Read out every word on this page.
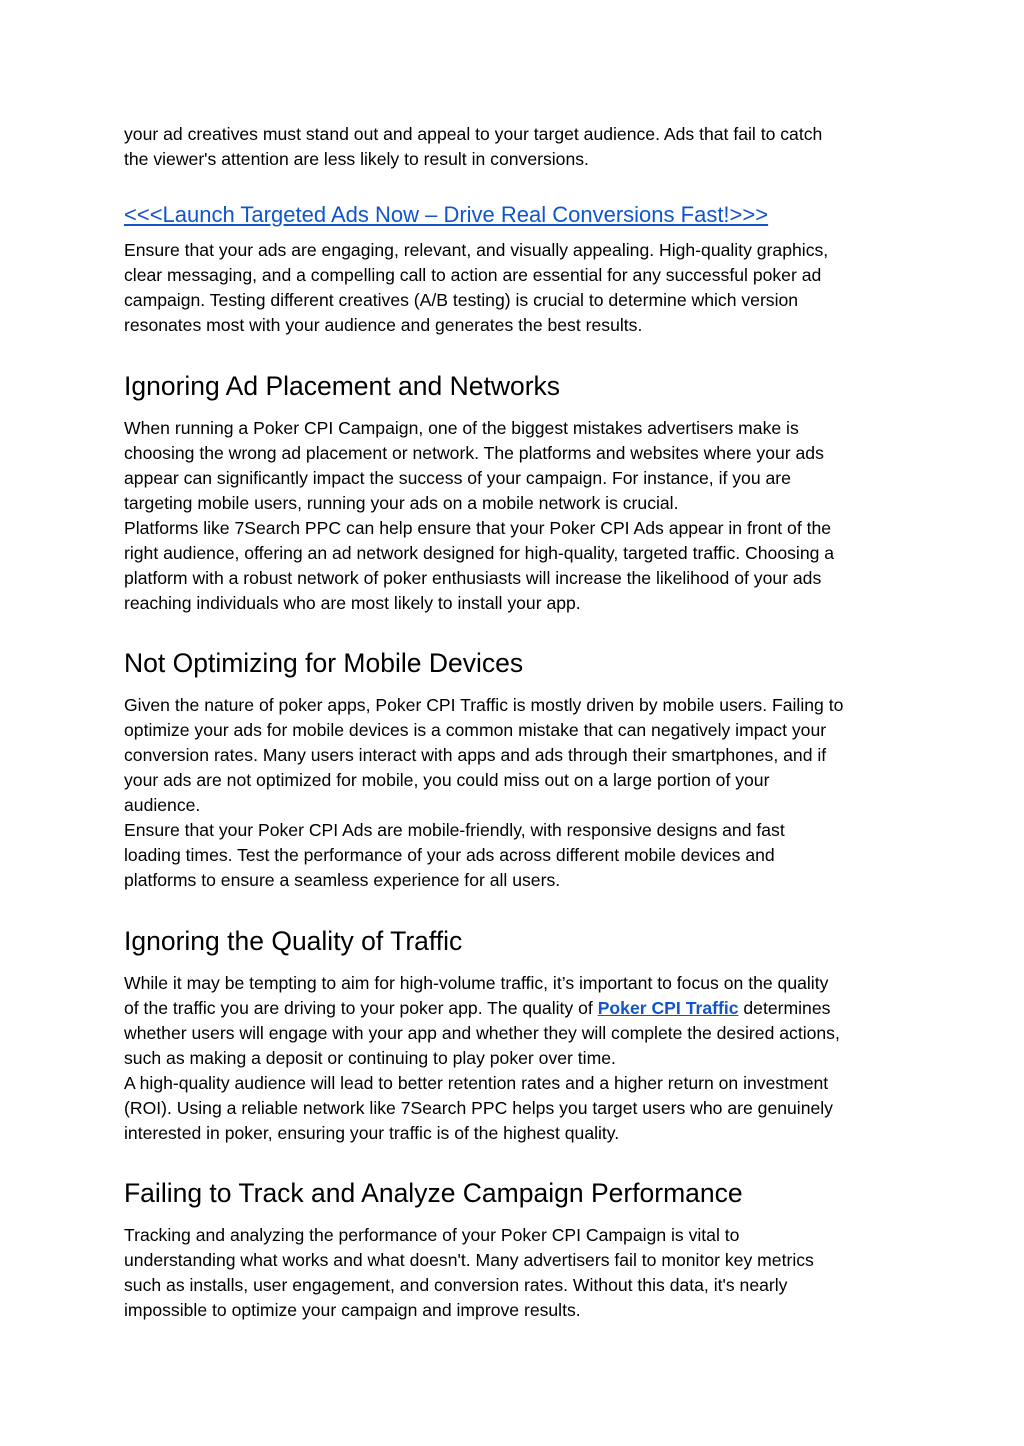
your ad creatives must stand out and appeal to your target audience. Ads that fail to catch

the viewer's attention are less likely to result in conversions.

<<<Launch Targeted Ads Now – Drive Real Conversions Fast!>>>

Ensure that your ads are engaging, relevant, and visually appealing. High-quality graphics,

clear messaging, and a compelling call to action are essential for any successful poker ad

campaign. Testing different creatives (A/B testing) is crucial to determine which version

resonates most with your audience and generates the best results.

Ignoring Ad Placement and Networks

When running a Poker CPI Campaign, one of the biggest mistakes advertisers make is

choosing the wrong ad placement or network. The platforms and websites where your ads

appear can significantly impact the success of your campaign. For instance, if you are

targeting mobile users, running your ads on a mobile network is crucial.

Platforms like 7Search PPC can help ensure that your Poker CPI Ads appear in front of the

right audience, offering an ad network designed for high-quality, targeted traffic. Choosing a

platform with a robust network of poker enthusiasts will increase the likelihood of your ads

reaching individuals who are most likely to install your app.

Not Optimizing for Mobile Devices

Given the nature of poker apps, Poker CPI Traffic is mostly driven by mobile users. Failing to

optimize your ads for mobile devices is a common mistake that can negatively impact your

conversion rates. Many users interact with apps and ads through their smartphones, and if

your ads are not optimized for mobile, you could miss out on a large portion of your

audience.

Ensure that your Poker CPI Ads are mobile-friendly, with responsive designs and fast

loading times. Test the performance of your ads across different mobile devices and

platforms to ensure a seamless experience for all users.

Ignoring the Quality of Traffic

While it may be tempting to aim for high-volume traffic, it’s important to focus on the quality

of the traffic you are driving to your poker app. The quality of Poker CPI Traffic determines

whether users will engage with your app and whether they will complete the desired actions,

such as making a deposit or continuing to play poker over time.

A high-quality audience will lead to better retention rates and a higher return on investment

(ROI). Using a reliable network like 7Search PPC helps you target users who are genuinely

interested in poker, ensuring your traffic is of the highest quality.

Failing to Track and Analyze Campaign Performance

Tracking and analyzing the performance of your Poker CPI Campaign is vital to

understanding what works and what doesn't. Many advertisers fail to monitor key metrics

such as installs, user engagement, and conversion rates. Without this data, it's nearly

impossible to optimize your campaign and improve results.
